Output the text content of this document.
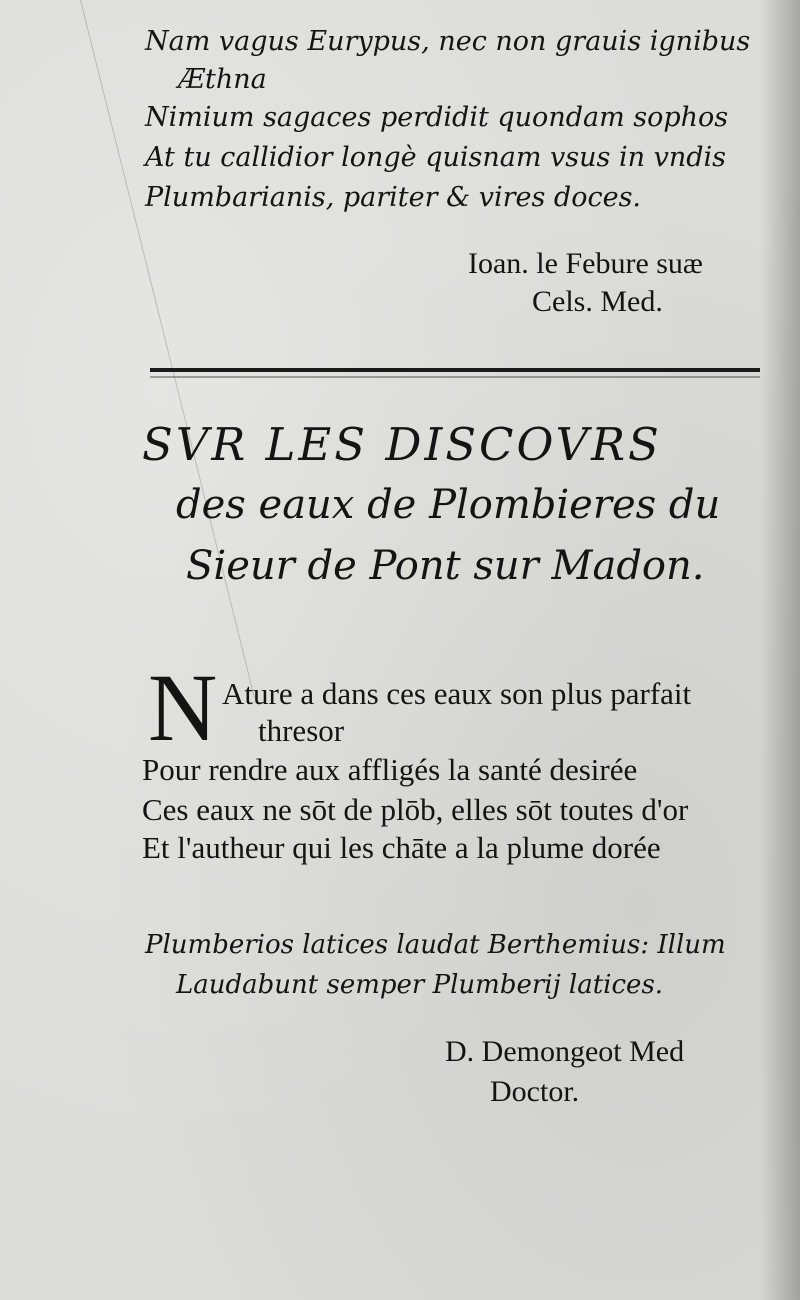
Nam vagus Eurypus, nec non grauis ignibus
Æthna
Nimium sagaces perdidit quondam sophos
At tu callidior longè quisnam vsus in vndis
Plumbarianis, pariter & vires doces.
Ioan. le Febure suæ
Cels. Med.
SVR LES DISCOVRS
des eaux de Plombieres du
Sieur de Pont sur Madon.
N Ature a dans ces eaux son plus parfait
thresor
Pour rendre aux affligés la santé desirée
Ces eaux ne sōt de plōb, elles sōt toutes d'or
Et l'autheur qui les chāte a la plume dorée
Plumberios latices laudat Berthemius: Illum
Laudabunt semper Plumberij latices.
D. Demongeot Med
Doctor.
